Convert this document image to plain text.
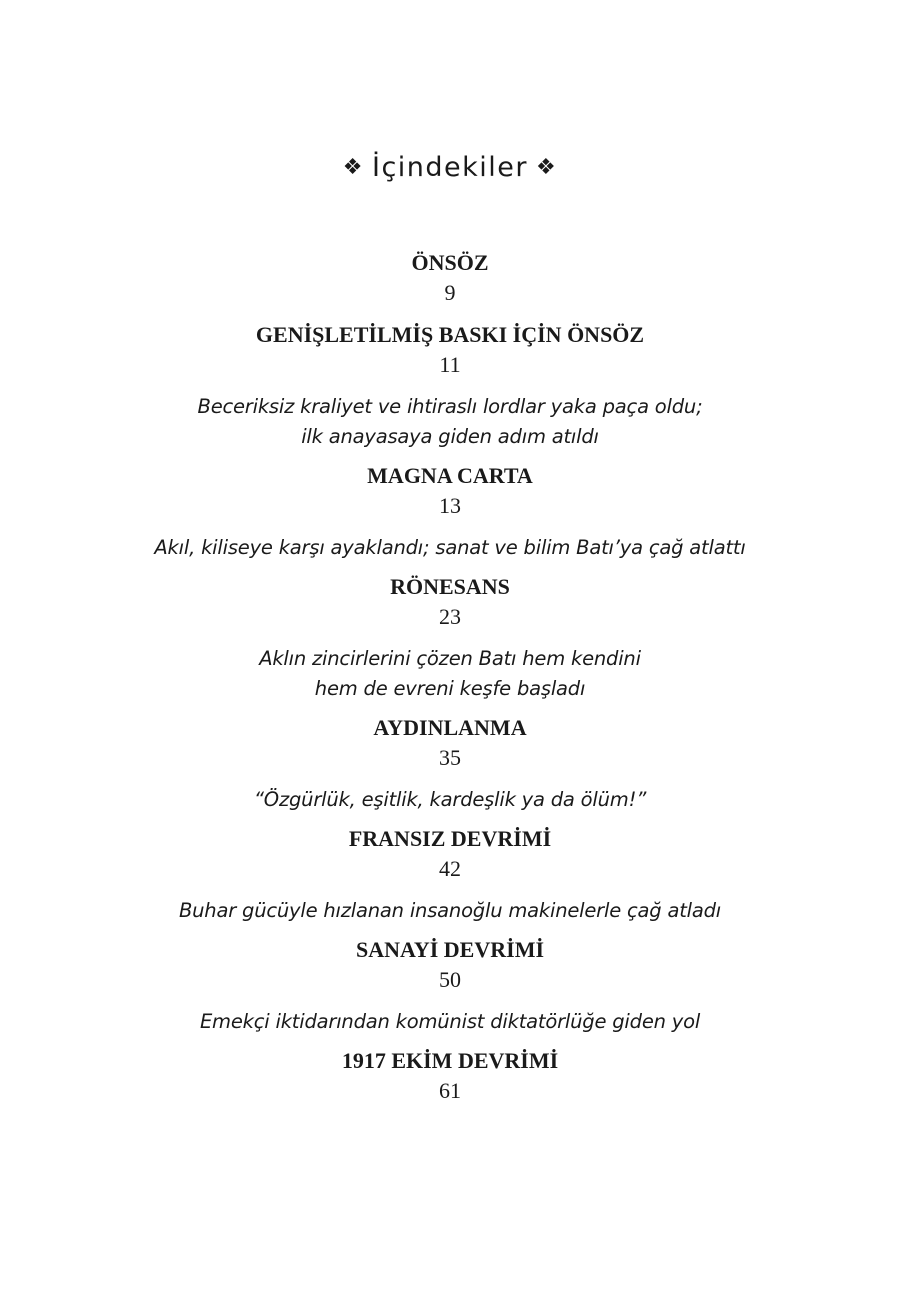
❖ İçindekiler ❖
ÖNSÖZ
9
GENİŞLETİLMİŞ BASKI İÇİN ÖNSÖZ
11
Beceriksiz kraliyet ve ihtiraslı lordlar yaka paça oldu;
ilk anayasaya giden adım atıldı
MAGNA CARTA
13
Akıl, kiliseye karşı ayaklandı; sanat ve bilim Batı’ya çağ atlattı
RÖNESANS
23
Aklın zincirlerini çözen Batı hem kendini
hem de evreni keşfe başladı
AYDINLANMA
35
“Özgürlük, eşitlik, kardeşlik ya da ölüm!”
FRANSIZ DEVRİMİ
42
Buhar gücüyle hızlanan insanoğlu makinelerle çağ atladı
SANAYİ DEVRİMİ
50
Emekçi iktidarından komünist diktatörlüğe giden yol
1917 EKİM DEVRİMİ
61
